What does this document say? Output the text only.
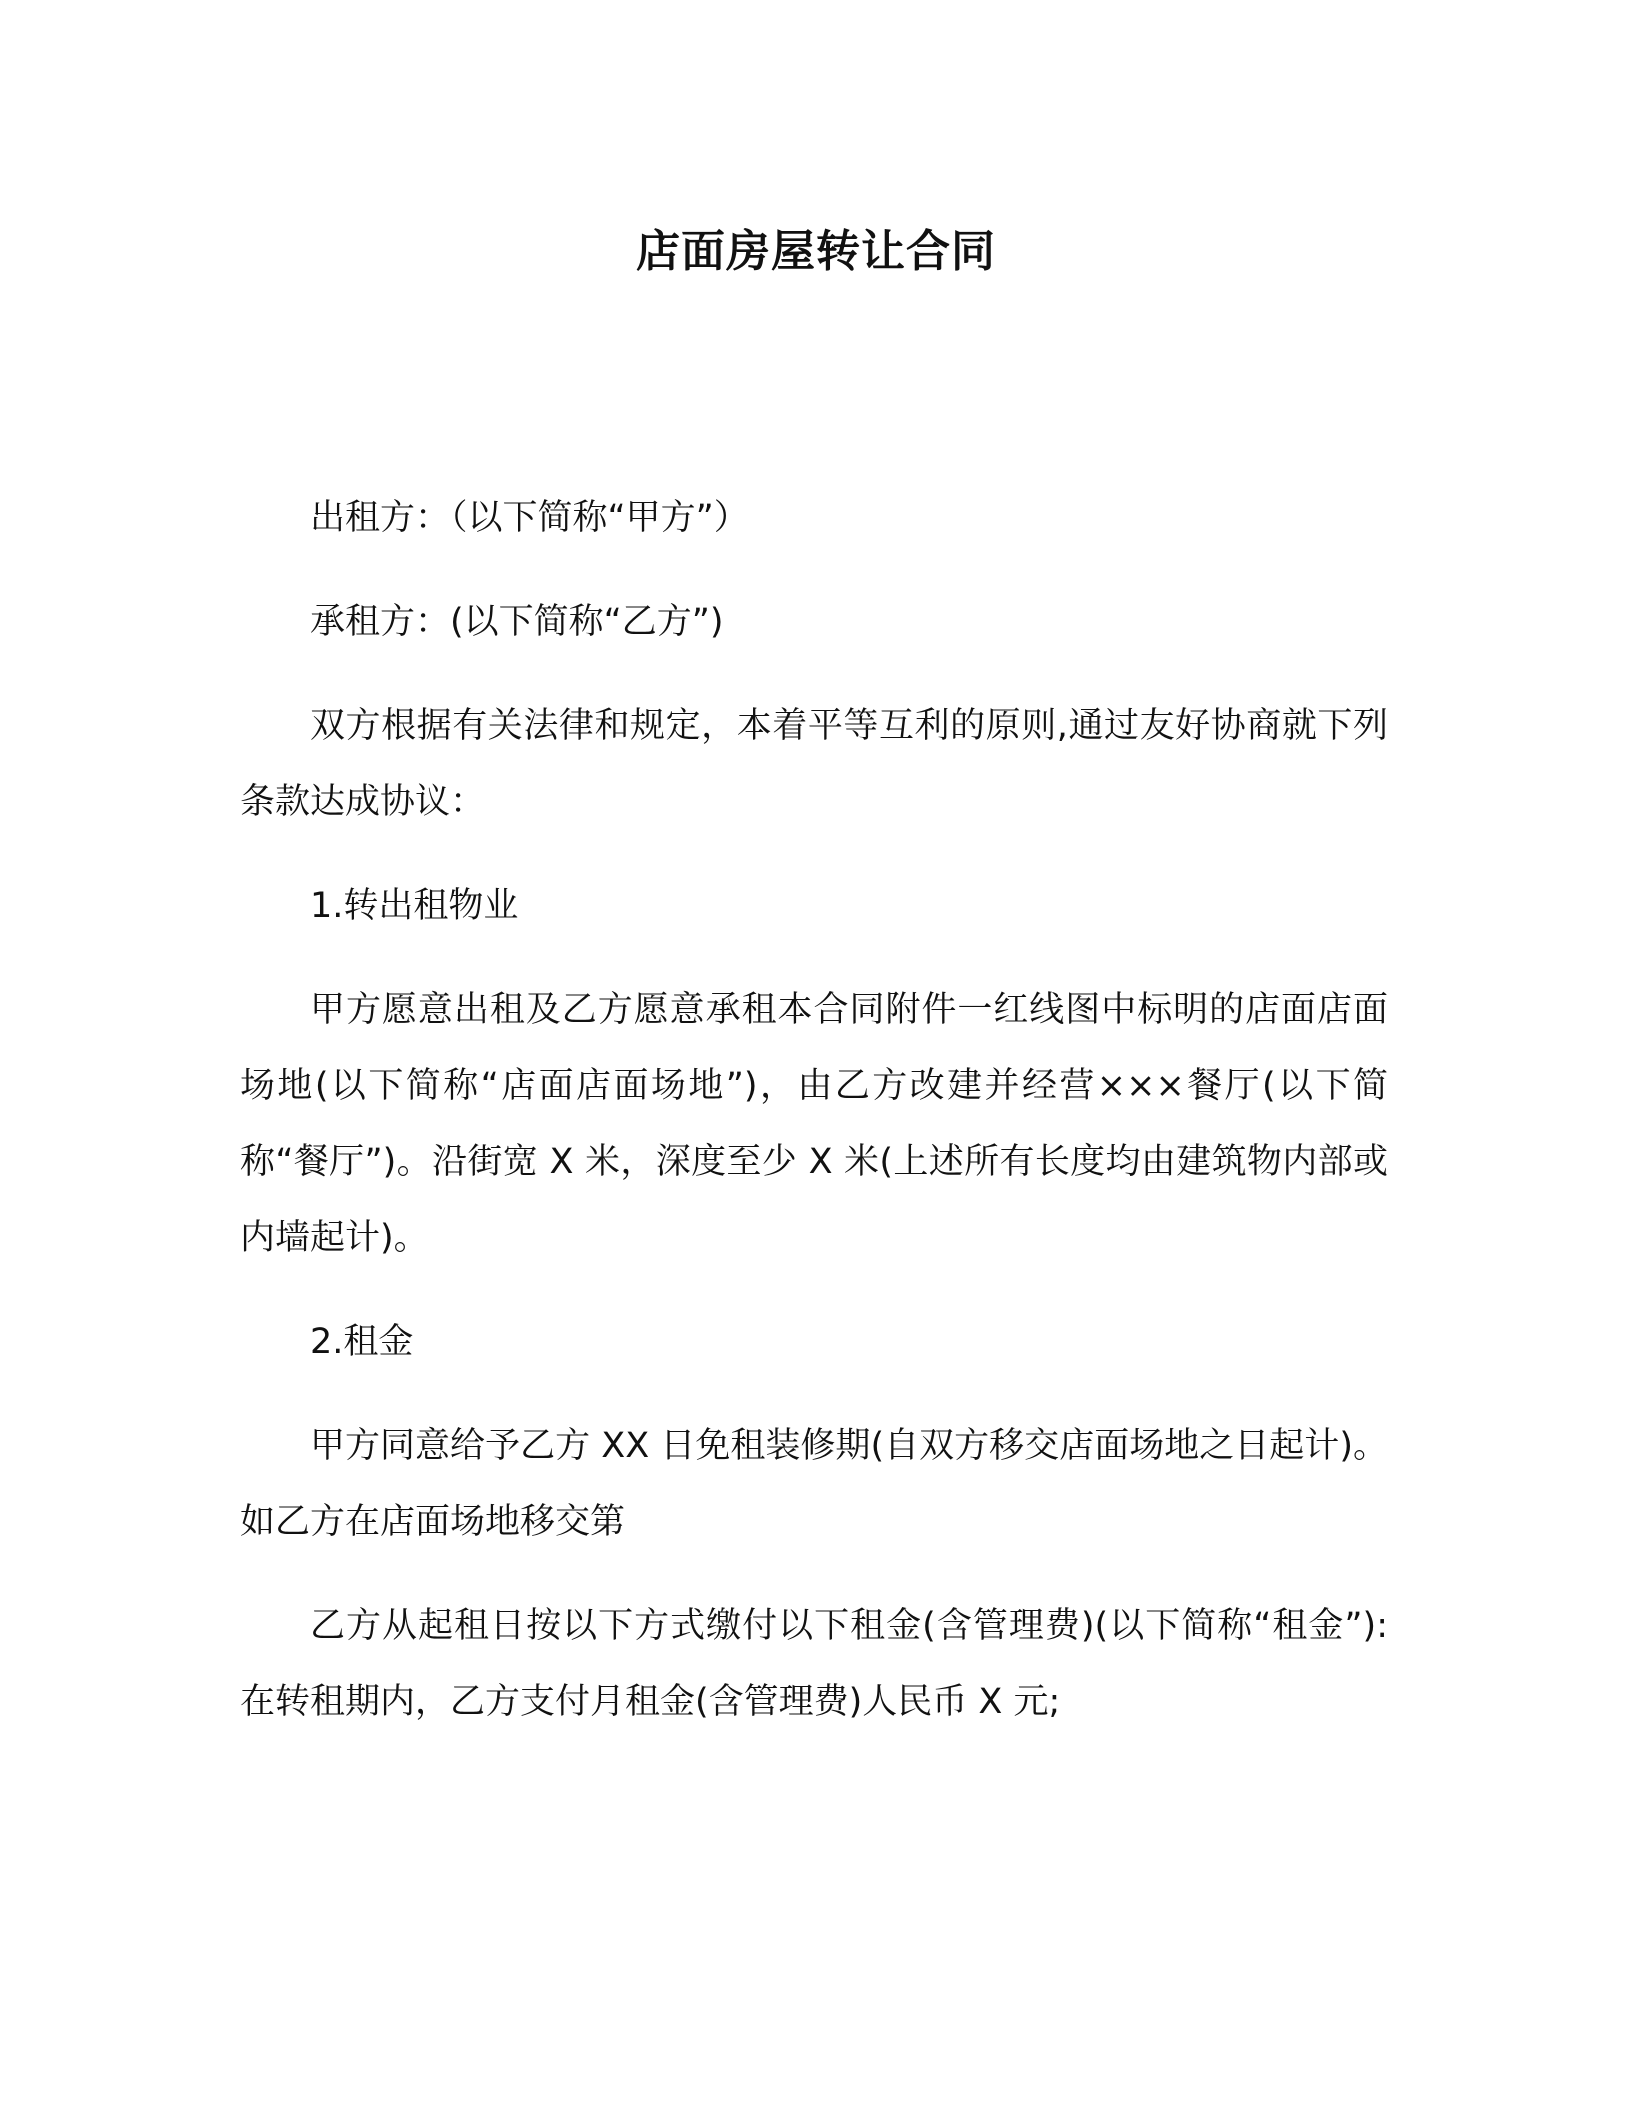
店面房屋转让合同

出租方：（以下简称“甲方”）

承租方：(以下简称“乙方”)

双方根据有关法律和规定，本着平等互利的原则,通过友好协商就下列条款达成协议：

1.转出租物业

甲方愿意出租及乙方愿意承租本合同附件一红线图中标明的店面店面场地(以下简称“店面店面场地”)，由乙方改建并经营×××餐厅(以下简称“餐厅”)。沿街宽 X 米，深度至少 X 米(上述所有长度均由建筑物内部或内墙起计)。

2.租金

甲方同意给予乙方 XX 日免租装修期(自双方移交店面场地之日起计)。如乙方在店面场地移交第

乙方从起租日按以下方式缴付以下租金(含管理费)(以下简称“租金”): 在转租期内，乙方支付月租金(含管理费)人民币 X 元;
